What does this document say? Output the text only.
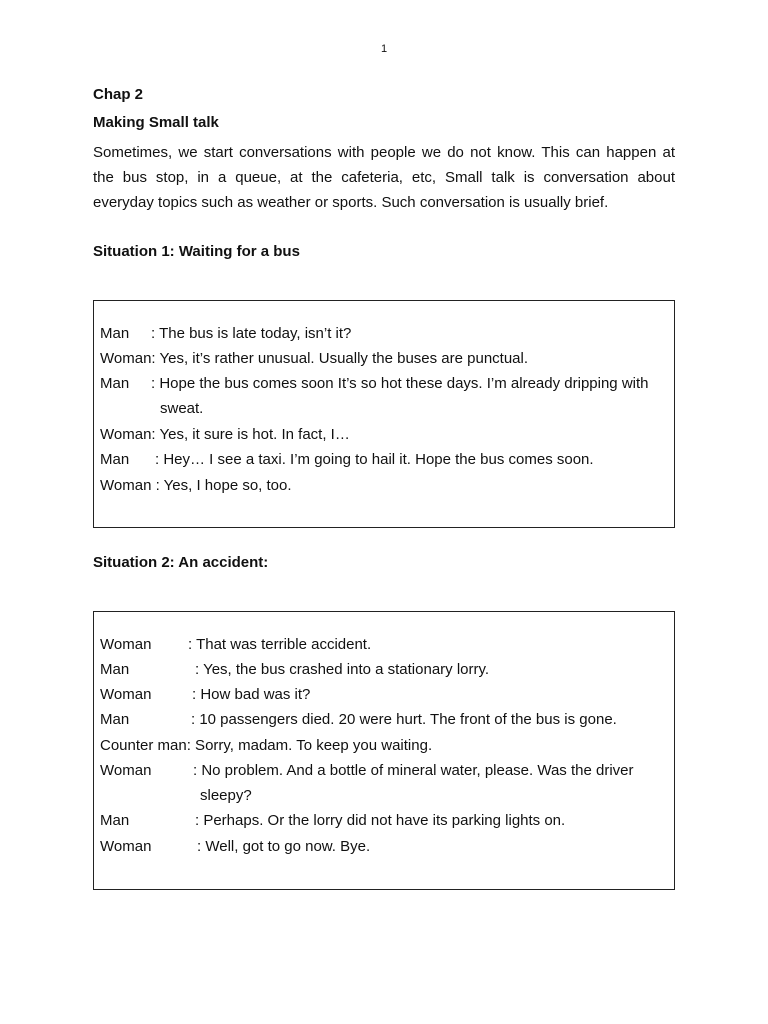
1
Chap 2
Making Small talk

Sometimes, we start conversations with people we do not know. This can happen at
the bus stop, in a queue, at the cafeteria, etc, Small talk is conversation about
everyday topics such as weather or sports. Such conversation is usually brief.

Situation 1: Waiting for a bus
Man : The bus is late today, isn’t it?
Woman: Yes, it’s rather unusual. Usually the buses are punctual.
Man : Hope the bus comes soon It’s so hot these days. I’m already dripping with
sweat.
Woman: Yes, it sure is hot. In fact, I…
Man : Hey… I see a taxi. I’m going to hail it. Hope the bus comes soon.
Woman : Yes, I hope so, too.
Situation 2: An accident:
Woman : That was terrible accident.
Man	: Yes, the bus crashed into a stationary lorry.
Woman	: How bad was it?
Man	: 10 passengers died. 20 were hurt. The front of the bus is gone.
Counter man: Sorry, madam. To keep you waiting.
Woman	: No problem. And a bottle of mineral water, please. Was the driver
sleepy?
Man	: Perhaps. Or the lorry did not have its parking lights on.
Woman	: Well, got to go now. Bye.
